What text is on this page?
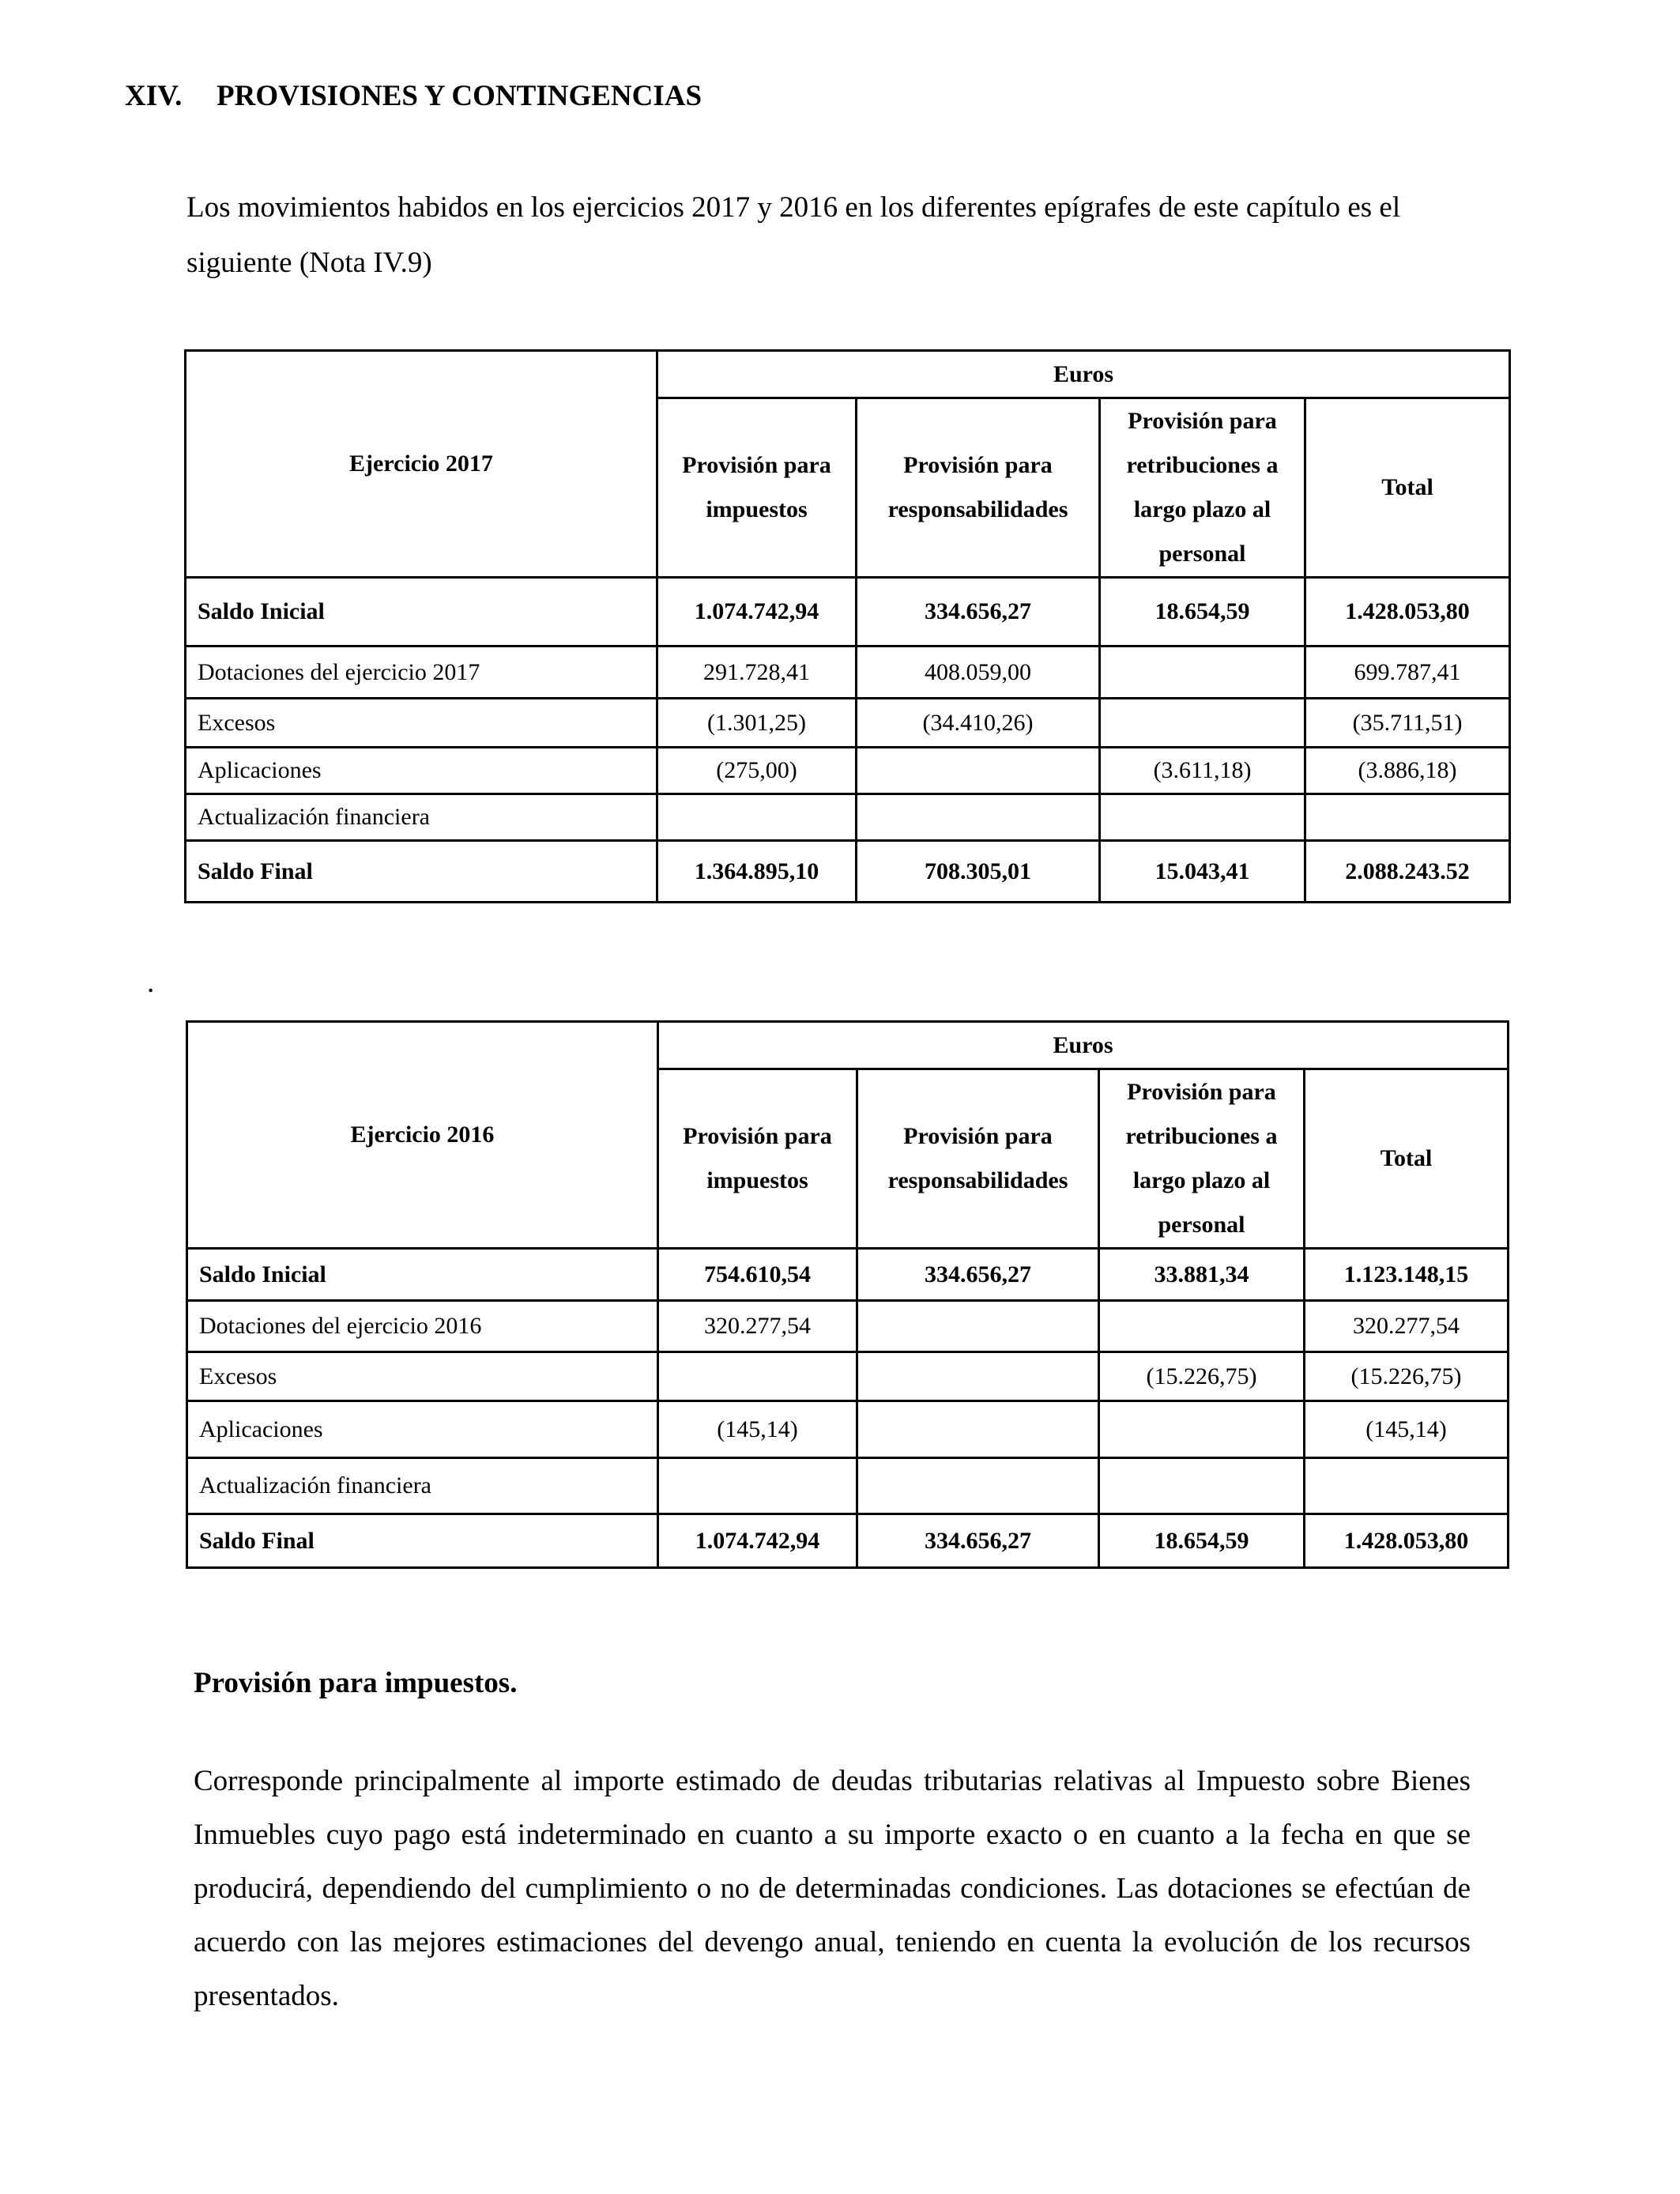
XIV. PROVISIONES Y CONTINGENCIAS
Los movimientos habidos en los ejercicios 2017 y 2016 en los diferentes epígrafes de este capítulo es el siguiente (Nota IV.9)
Ejercicio 2017	Euros			
	Provisión para impuestos	Provisión para responsabilidades	Provisión para retribuciones a largo plazo al personal	Total
Saldo Inicial	1.074.742,94	334.656,27	18.654,59	1.428.053,80
Dotaciones del ejercicio 2017	291.728,41	408.059,00		699.787,41
Excesos	(1.301,25)	(34.410,26)		(35.711,51)
Aplicaciones	(275,00)		(3.611,18)	(3.886,18)
Actualización financiera				
Saldo Final	1.364.895,10	708.305,01	15.043,41	2.088.243.52
.
Ejercicio 2016	Euros			
	Provisión para impuestos	Provisión para responsabilidades	Provisión para retribuciones a largo plazo al personal	Total
Saldo Inicial	754.610,54	334.656,27	33.881,34	1.123.148,15
Dotaciones del ejercicio 2016	320.277,54			320.277,54
Excesos			(15.226,75)	(15.226,75)
Aplicaciones	(145,14)			(145,14)
Actualización financiera				
Saldo Final	1.074.742,94	334.656,27	18.654,59	1.428.053,80
Provisión para impuestos.
Corresponde principalmente al importe estimado de deudas tributarias relativas al Impuesto sobre Bienes Inmuebles cuyo pago está indeterminado en cuanto a su importe exacto o en cuanto a la fecha en que se producirá, dependiendo del cumplimiento o no de determinadas condiciones. Las dotaciones se efectúan de acuerdo con las mejores estimaciones del devengo anual, teniendo en cuenta la evolución de los recursos presentados.
